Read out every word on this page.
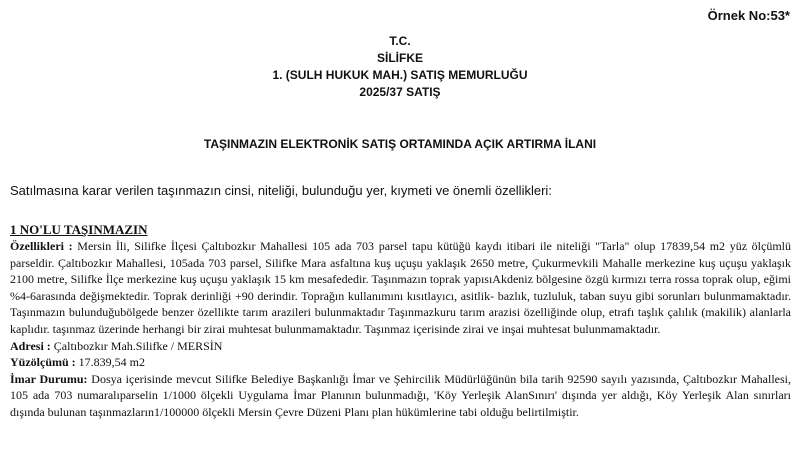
Örnek No:53*
T.C.
SİLİFKE
1. (SULH HUKUK MAH.) SATIŞ MEMURLUĞU
2025/37 SATIŞ
TAŞINMAZIN ELEKTRONİK SATIŞ ORTAMINDA AÇIK ARTIRMA İLANI
Satılmasına karar verilen taşınmazın cinsi, niteliği, bulunduğu yer, kıymeti ve önemli özellikleri:
1 NO'LU TAŞINMAZIN

Özellikleri : Mersin İli, Silifke İlçesi Çaltıbozkır Mahallesi 105 ada 703 parsel tapu kütüğü kaydı itibari ile niteliği "Tarla" olup 17839,54 m2 yüz ölçümlü parseldir. Çaltıbozkır Mahallesi, 105ada 703 parsel, Silifke Mara asfaltına kuş uçuşu yaklaşık 2650 metre, Çukurmevkili Mahalle merkezine kuş uçuşu yaklaşık 2100 metre, Silifke İlçe merkezine kuş uçuşu yaklaşık 15 km mesafededir. Taşınmazın toprak yapısıAkdeniz bölgesine özgü kırmızı terra rossa toprak olup, eğimi %4-6arasında değişmektedir. Toprak derinliği +90 derindir. Toprağın kullanımını kısıtlayıcı, asitlik- bazlık, tuzluluk, taban suyu gibi sorunları bulunmamaktadır. Taşınmazın bulunduğubölgede benzer özellikte tarım arazileri bulunmaktadır Taşınmazkuru tarım arazisi özelliğinde olup, etrafı taşlık çalılık (makilik) alanlarla kaplıdır. taşınmaz üzerinde herhangi bir zirai muhtesat bulunmamaktadır. Taşınmaz içerisinde zirai ve inşai muhtesat bulunmamaktadır.

Adresi : Çaltıbozkır Mah.Silifke / MERSİN

Yüzölçümü : 17.839,54 m2

İmar Durumu: Dosya içerisinde mevcut Silifke Belediye Başkanlığı İmar ve Şehircilik Müdürlüğünün bila tarih 92590 sayılı yazısında, Çaltıbozkır Mahallesi, 105 ada 703 numaralıparselin 1/1000 ölçekli Uygulama İmar Planının bulunmadığı, 'Köy Yerleşik AlanSınırı' dışında yer aldığı, Köy Yerleşik Alan sınırları dışında bulunan taşınmazların1/100000 ölçekli Mersin Çevre Düzeni Planı plan hükümlerine tabi olduğu belirtilmiştir.
